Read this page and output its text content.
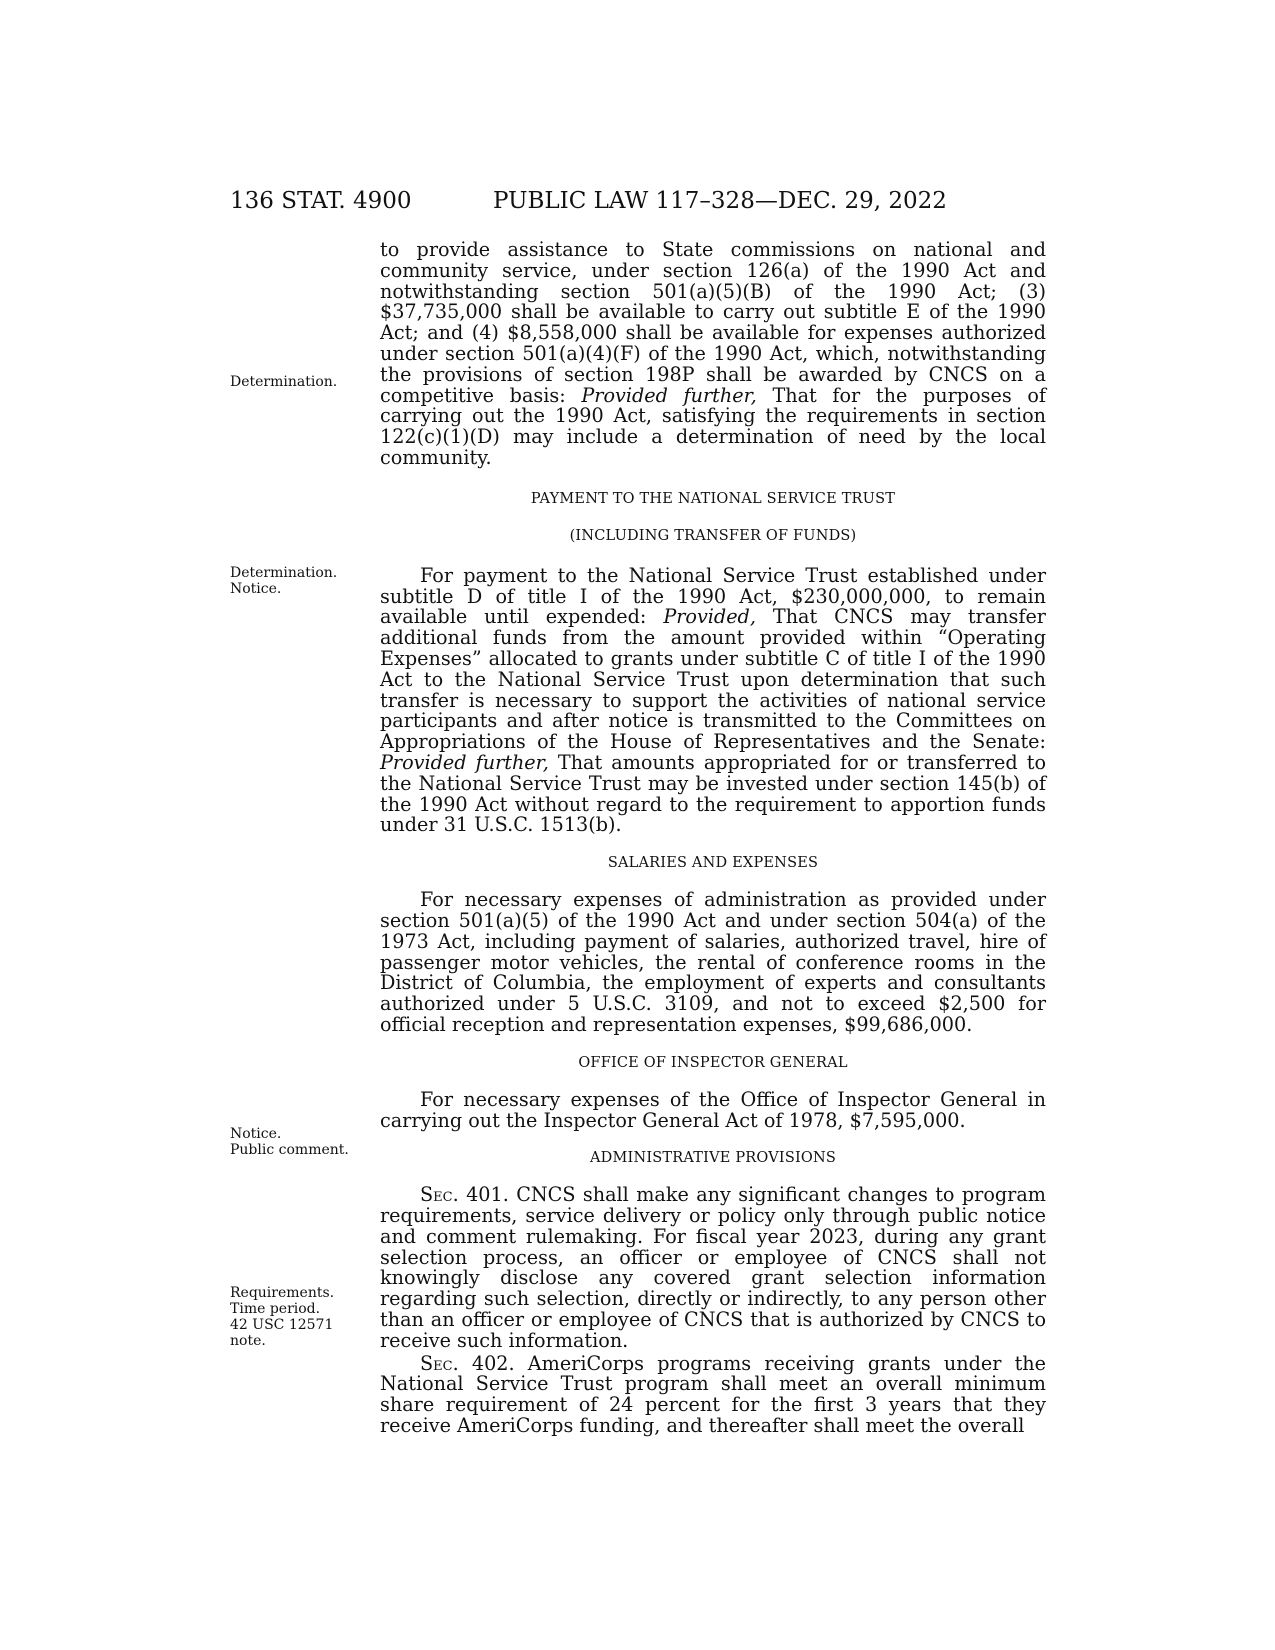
136 STAT. 4900	PUBLIC LAW 117–328—DEC. 29, 2022
Determination.
Determination.
Notice.
Notice.
Public comment.
Requirements.
Time period.
42 USC 12571
note.

to provide assistance to State commissions on national and community service, under section 126(a) of the 1990 Act and notwithstanding section 501(a)(5)(B) of the 1990 Act; (3) $37,735,000 shall be available to carry out subtitle E of the 1990 Act; and (4) $8,558,000 shall be available for expenses authorized under section 501(a)(4)(F) of the 1990 Act, which, notwithstanding the provisions of section 198P shall be awarded by CNCS on a competitive basis: Provided further, That for the purposes of carrying out the 1990 Act, satisfying the requirements in section 122(c)(1)(D) may include a determination of need by the local community.

PAYMENT TO THE NATIONAL SERVICE TRUST
(INCLUDING TRANSFER OF FUNDS)

For payment to the National Service Trust established under subtitle D of title I of the 1990 Act, $230,000,000, to remain available until expended: Provided, That CNCS may transfer additional funds from the amount provided within “Operating Expenses” allocated to grants under subtitle C of title I of the 1990 Act to the National Service Trust upon determination that such transfer is necessary to support the activities of national service participants and after notice is transmitted to the Committees on Appropriations of the House of Representatives and the Senate: Provided further, That amounts appropriated for or transferred to the National Service Trust may be invested under section 145(b) of the 1990 Act without regard to the requirement to apportion funds under 31 U.S.C. 1513(b).

SALARIES AND EXPENSES

For necessary expenses of administration as provided under section 501(a)(5) of the 1990 Act and under section 504(a) of the 1973 Act, including payment of salaries, authorized travel, hire of passenger motor vehicles, the rental of conference rooms in the District of Columbia, the employment of experts and consultants authorized under 5 U.S.C. 3109, and not to exceed $2,500 for official reception and representation expenses, $99,686,000.

OFFICE OF INSPECTOR GENERAL

For necessary expenses of the Office of Inspector General in carrying out the Inspector General Act of 1978, $7,595,000.

ADMINISTRATIVE PROVISIONS

Sec. 401. CNCS shall make any significant changes to program requirements, service delivery or policy only through public notice and comment rulemaking. For fiscal year 2023, during any grant selection process, an officer or employee of CNCS shall not knowingly disclose any covered grant selection information regarding such selection, directly or indirectly, to any person other than an officer or employee of CNCS that is authorized by CNCS to receive such information.

Sec. 402. AmeriCorps programs receiving grants under the National Service Trust program shall meet an overall minimum share requirement of 24 percent for the first 3 years that they receive AmeriCorps funding, and thereafter shall meet the overall
